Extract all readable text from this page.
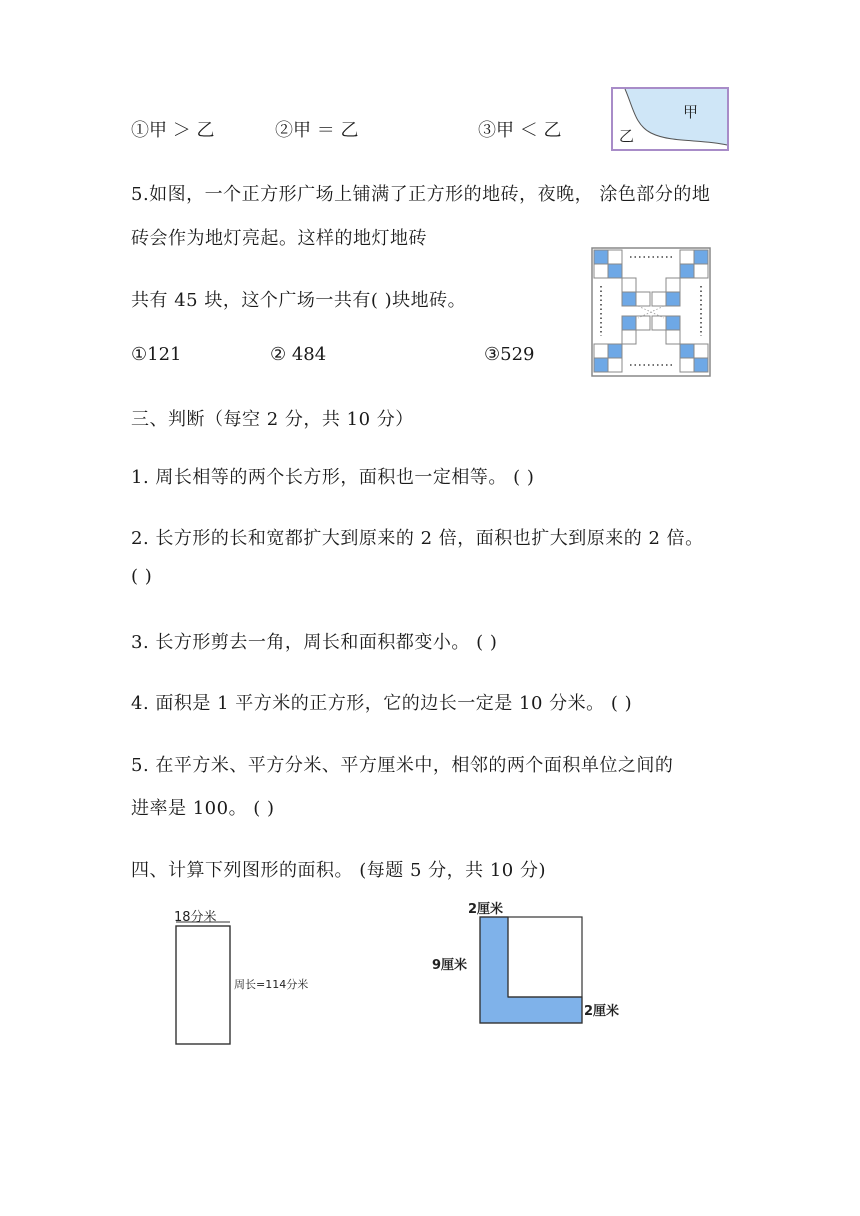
①甲 ＞ 乙	②甲 ＝ 乙	③甲 ＜ 乙
甲
乙
5.如图，一个正方形广场上铺满了正方形的地砖，夜晚， 涂色部分的地
砖会作为地灯亮起。这样的地灯地砖
共有 45 块，这个广场一共有( )块地砖。
①121	② 484	③529
三、判断（每空 2 分，共 10 分）
1. 周长相等的两个长方形，面积也一定相等。 ( )
2. 长方形的长和宽都扩大到原来的 2 倍，面积也扩大到原来的 2 倍。
( )
3. 长方形剪去一角，周长和面积都变小。 ( )
4. 面积是 1 平方米的正方形，它的边长一定是 10 分米。 ( )
5. 在平方米、平方分米、平方厘米中，相邻的两个面积单位之间的
进率是 100。 ( )
四、计算下列图形的面积。 (每题 5 分，共 10 分)
18分米
周长=114分米
2厘米
9厘米
2厘米
